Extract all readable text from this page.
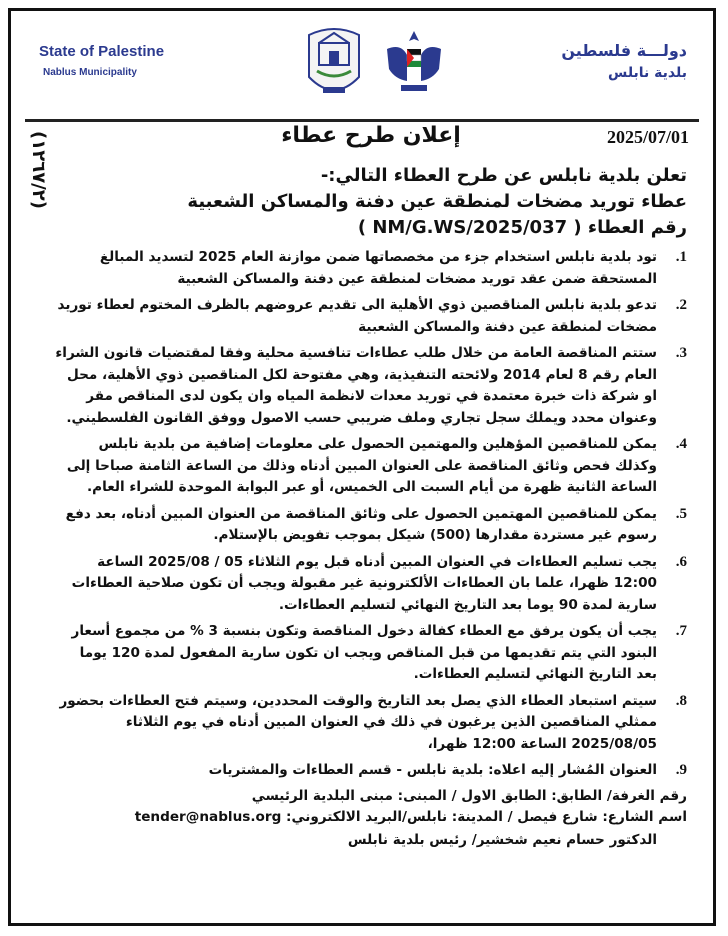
State of Palestine
Nablus Municipality
دولـــة فلسطين
بلدية نابلس
(١٢٦٧/٢)
إعلان طرح عطاء	2025/07/01
تعلن بلدية نابلس عن طرح العطاء التالي:-
عطاء توريد مضخات لمنطقة عين دفنة والمساكن الشعبية
رقم العطاء ( NM/G.WS/2025/037 )
1.
تود بلدية نابلس استخدام جزء من مخصصاتها ضمن موازنة العام 2025 لتسديد المبالغ المستحقة ضمن عقد توريد مضخات لمنطقة عين دفنة والمساكن الشعبية
2.
تدعو بلدية نابلس المناقصين ذوي الأهلية الى تقديم عروضهم بالظرف المختوم لعطاء توريد مضخات لمنطقة عين دفنة والمساكن الشعبية
3.
ستتم المناقصة العامة من خلال طلب عطاءات تنافسية محلية وفقا لمقتضيات قانون الشراء العام رقم 8 لعام 2014 ولائحته التنفيذية، وهي مفتوحة لكل المناقصين ذوي الأهلية، محل او شركة ذات خبرة معتمدة في توريد معدات لانظمة المياه وان يكون لدى المناقص مقر وعنوان محدد ويملك سجل تجاري وملف ضريبي حسب الاصول ووفق القانون الفلسطيني.
4.
يمكن للمناقصين المؤهلين والمهتمين الحصول على معلومات إضافية من بلدية نابلس وكذلك فحص وثائق المناقصة على العنوان المبين أدناه وذلك من الساعة الثامنة صباحا إلى الساعة الثانية ظهرة من أيام السبت الى الخميس، أو عبر البوابة الموحدة للشراء العام.
5.
يمكن للمناقصين المهتمين الحصول على وثائق المناقصة من العنوان المبين أدناه، بعد دفع رسوم غير مستردة مقدارها (500) شيكل بموجب تفويض بالإستلام.
6.
يجب تسليم العطاءات في العنوان المبين أدناه قبل يوم الثلاثاء 05 / 2025/08 الساعة 12:00 ظهرا، علما بان العطاءات الألكترونية غير مقبولة ويجب أن تكون صلاحية العطاءات سارية لمدة 90 يوما بعد التاريخ النهائي لتسليم العطاءات.
7.
يجب أن يكون يرفق مع العطاء كفالة دخول المناقصة وتكون بنسبة 3 % من مجموع أسعار البنود التي يتم تقديمها من قبل المناقص ويجب ان تكون سارية المفعول لمدة 120 يوما بعد التاريخ النهائي لتسليم العطاءات.
8.
سيتم استبعاد العطاء الذي يصل بعد التاريخ والوقت المحددين، وسيتم فتح العطاءات بحضور ممثلي المناقصين الذين يرغبون في ذلك في العنوان المبين أدناه في يوم الثلاثاء 2025/08/05 الساعة 12:00 ظهرا،
9.
العنوان المُشار إليه اعلاه: بلدية نابلس - قسم العطاءات والمشتريات
رقم الغرفة/ الطابق: الطابق الاول / المبنى: مبنى البلدية الرئيسي
اسم الشارع: شارع فيصل / المدينة: نابلس/البريد الالكتروني: tender@nablus.org
الدكتور حسام نعيم شخشير/ رئيس بلدية نابلس
